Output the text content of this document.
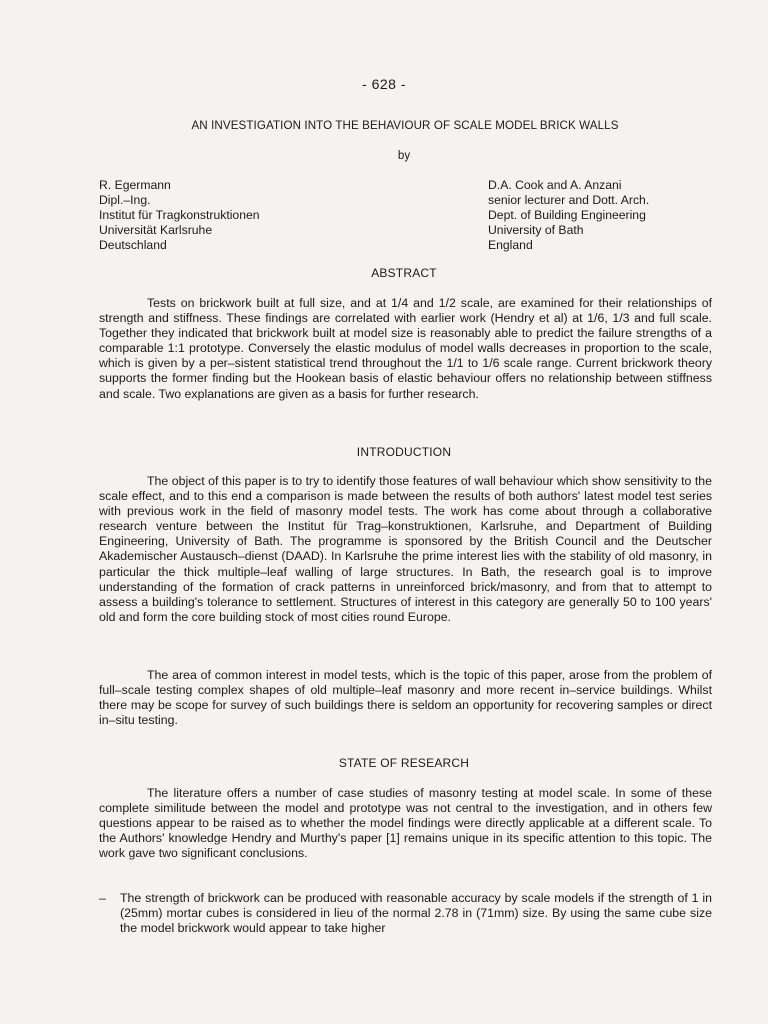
- 628 -
AN INVESTIGATION INTO THE BEHAVIOUR OF SCALE MODEL BRICK WALLS
by
R. Egermann
Dipl.–Ing.
Institut für Tragkonstruktionen
Universität Karlsruhe
Deutschland
D.A. Cook and A. Anzani
senior lecturer and Dott. Arch.
Dept. of Building Engineering
University of Bath
England
ABSTRACT

Tests on brickwork built at full size, and at 1/4 and 1/2 scale, are examined for their relationships of strength and stiffness. These findings are correlated with earlier work (Hendry et al) at 1/6, 1/3 and full scale. Together they indicated that brickwork built at model size is reasonably able to predict the failure strengths of a comparable 1:1 prototype. Conversely the elastic modulus of model walls decreases in proportion to the scale, which is given by a per–sistent statistical trend throughout the 1/1 to 1/6 scale range. Current brickwork theory supports the former finding but the Hookean basis of elastic behaviour offers no relationship between stiffness and scale. Two explanations are given as a basis for further research.

INTRODUCTION

The object of this paper is to try to identify those features of wall behaviour which show sensitivity to the scale effect, and to this end a comparison is made between the results of both authors' latest model test series with previous work in the field of masonry model tests. The work has come about through a collaborative research venture between the Institut für Trag–konstruktionen, Karlsruhe, and Department of Building Engineering, University of Bath. The programme is sponsored by the British Council and the Deutscher Akademischer Austausch–dienst (DAAD). In Karlsruhe the prime interest lies with the stability of old masonry, in particular the thick multiple–leaf walling of large structures. In Bath, the research goal is to improve understanding of the formation of crack patterns in unreinforced brick/masonry, and from that to attempt to assess a building's tolerance to settlement. Structures of interest in this category are generally 50 to 100 years' old and form the core building stock of most cities round Europe.

The area of common interest in model tests, which is the topic of this paper, arose from the problem of full–scale testing complex shapes of old multiple–leaf masonry and more recent in–service buildings. Whilst there may be scope for survey of such buildings there is seldom an opportunity for recovering samples or direct in–situ testing.

STATE OF RESEARCH

The literature offers a number of case studies of masonry testing at model scale. In some of these complete similitude between the model and prototype was not central to the investigation, and in others few questions appear to be raised as to whether the model findings were directly applicable at a different scale. To the Authors' knowledge Hendry and Murthy's paper [1] remains unique in its specific attention to this topic. The work gave two significant conclusions.

– The strength of brickwork can be produced with reasonable accuracy by scale models if the strength of 1 in (25mm) mortar cubes is considered in lieu of the normal 2.78 in (71mm) size. By using the same cube size the model brickwork would appear to take higher
